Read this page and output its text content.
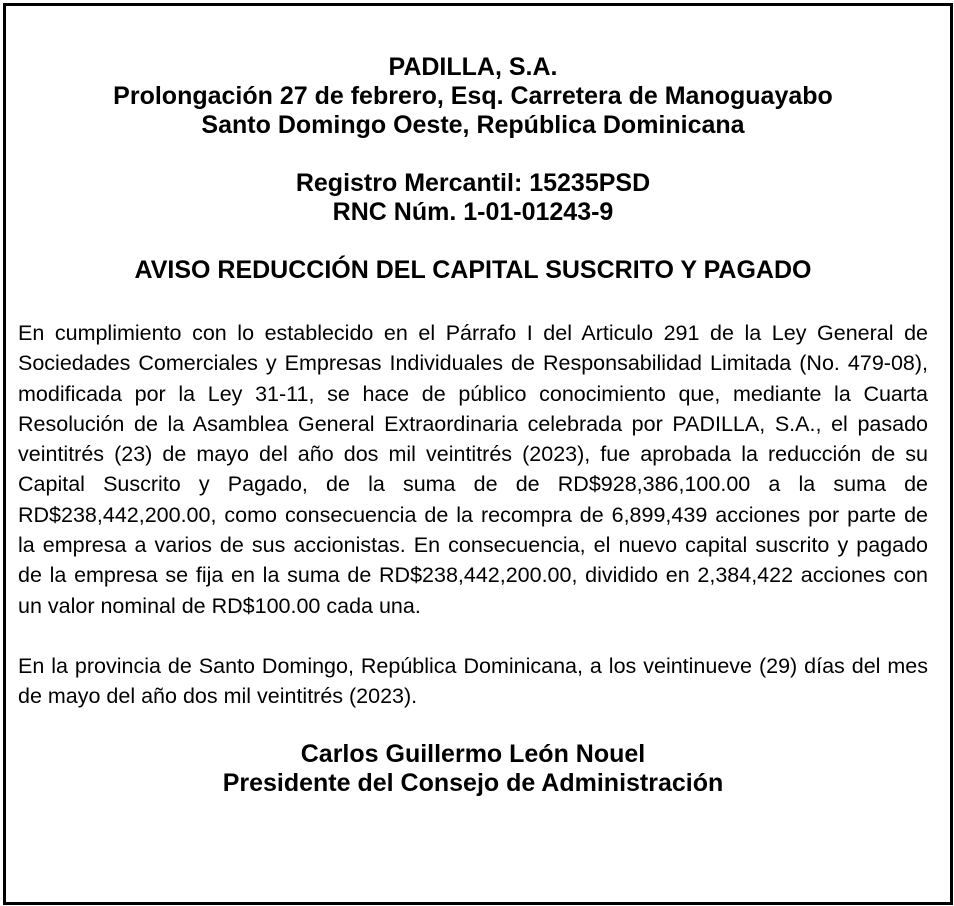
PADILLA, S.A.
Prolongación 27 de febrero, Esq. Carretera de Manoguayabo
Santo Domingo Oeste, República Dominicana
Registro Mercantil: 15235PSD
RNC Núm. 1-01-01243-9
AVISO REDUCCIÓN DEL CAPITAL SUSCRITO Y PAGADO

En cumplimiento con lo establecido en el Párrafo I del Articulo 291 de la Ley General de Sociedades Comerciales y Empresas Individuales de Responsabilidad Limitada (No. 479-08), modificada por la Ley 31-11, se hace de público conocimiento que, mediante la Cuarta Resolución de la Asamblea General Extraordinaria celebrada por PADILLA, S.A., el pasado veintitrés (23) de mayo del año dos mil veintitrés (2023), fue aprobada la reducción de su Capital Suscrito y Pagado, de la suma de de RD$928,386,100.00 a la suma de RD$238,442,200.00, como consecuencia de la recompra de 6,899,439 acciones por parte de la empresa a varios de sus accionistas. En consecuencia, el nuevo capital suscrito y pagado de la empresa se fija en la suma de RD$238,442,200.00, dividido en 2,384,422 acciones con un valor nominal de RD$100.00 cada una.

En la provincia de Santo Domingo, República Dominicana, a los veintinueve (29) días del mes de mayo del año dos mil veintitrés (2023).

Carlos Guillermo León Nouel
Presidente del Consejo de Administración
